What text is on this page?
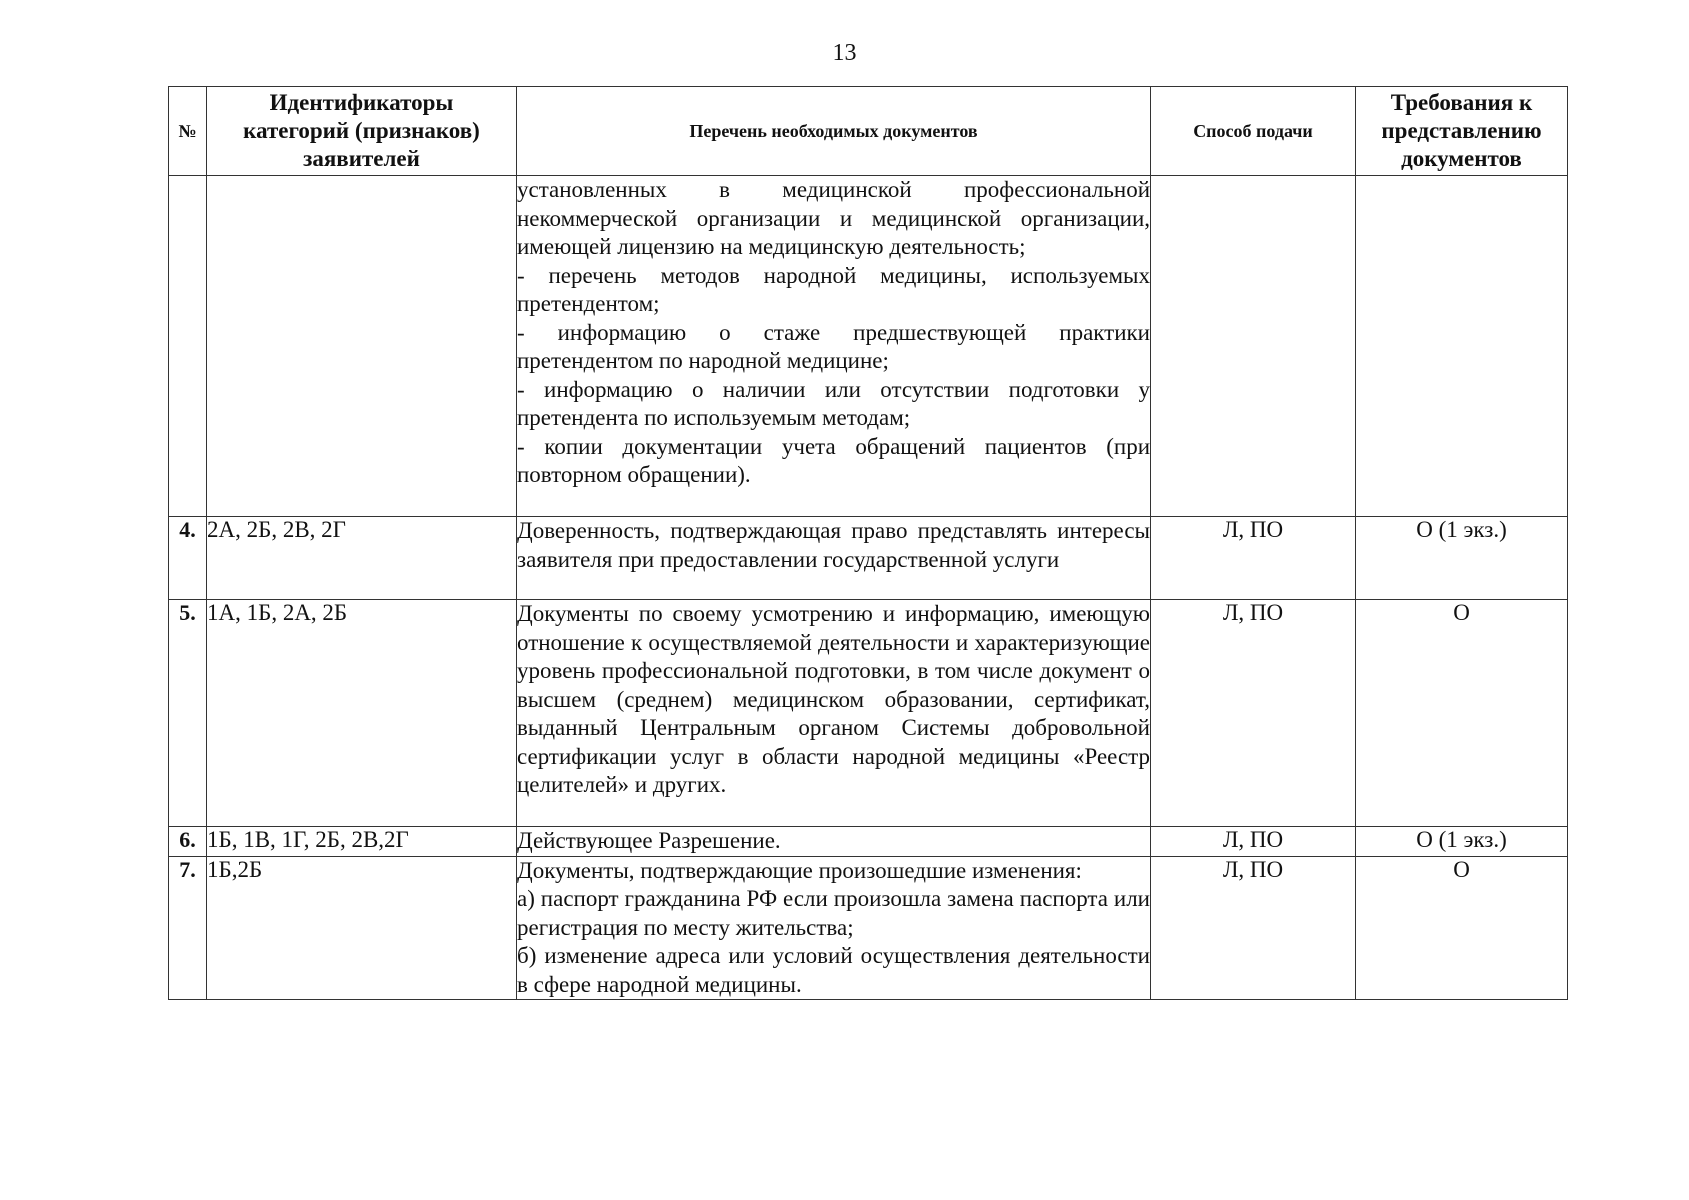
13
№	Идентификаторы
категорий (признаков)
заявителей	Перечень необходимых документов	Способ подачи	Требования к
представлению
документов

		установленных в медицинской профессиональной некоммерческой организации и медицинской организации, имеющей лицензию на медицинскую деятельность;
- перечень методов народной медицины, используемых претендентом;
- информацию о стаже предшествующей практики претендентом по народной медицине;
- информацию о наличии или отсутствии подготовки у претендента по используемым методам;
- копии документации учета обращений пациентов (при повторном обращении).		

4.	2А, 2Б, 2В, 2Г	Доверенность, подтверждающая право представлять интересы заявителя при предоставлении государственной услуги	Л, ПО	О (1 экз.)
5.	1А, 1Б, 2А, 2Б	Документы по своему усмотрению и информацию, имеющую отношение к осуществляемой деятельности и характеризующие уровень профессиональной подготовки, в том числе документ о высшем (среднем) медицинском образовании, сертификат, выданный Центральным органом Системы добровольной сертификации услуг в области народной медицины «Реестр целителей» и других.	Л, ПО	О
6.	1Б, 1В, 1Г, 2Б, 2В,2Г	Действующее Разрешение.	Л, ПО	О (1 экз.)
7.	1Б,2Б	Документы, подтверждающие произошедшие изменения:
а) паспорт гражданина РФ если произошла замена паспорта или регистрация по месту жительства;
б) изменение адреса или условий осуществления деятельности в сфере народной медицины.	Л, ПО	О
